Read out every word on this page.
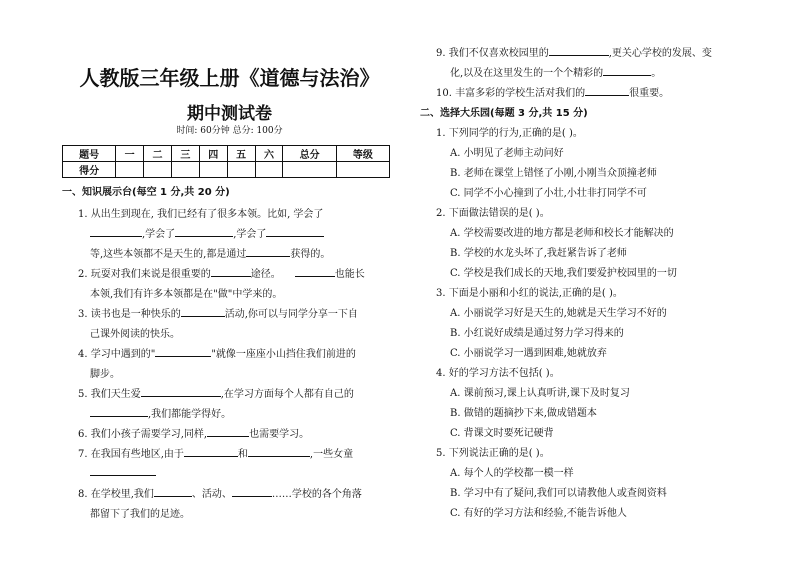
人教版三年级上册《道德与法治》
期中测试卷
时间: 60分钟 总分: 100分
题号	一	二	三	四	五	六	总分	等级
得分								
一、知识展示台(每空 1 分,共 20 分)
1. 从出生到现在, 我们已经有了很多本领。比如, 学会了
,学会了	,学会了
等,这些本领都不是天生的,都是通过	获得的。
2. 玩耍对我们来说是很重要的	途径。	也能长
本领,我们有许多本领都是在"做"中学来的。
3. 读书也是一种快乐的	活动,你可以与同学分享一下自
己课外阅读的快乐。
4. 学习中遇到的"	"就像一座座小山挡住我们前进的
脚步。
5. 我们天生爱	,在学习方面每个人都有自己的
,我们都能学得好。
6. 我们小孩子需要学习,同样,	也需要学习。
7. 在我国有些地区,由于	和	,一些女童
8. 在学校里,我们	、活动、	……学校的各个角落
都留下了我们的足迹。
9. 我们不仅喜欢校园里的	,更关心学校的发展、变
化,以及在这里发生的一个个精彩的	。
10. 丰富多彩的学校生活对我们的	很重要。
二、选择大乐园(每题 3 分,共 15 分)
1. 下列同学的行为,正确的是( )。
A. 小明见了老师主动问好
B. 老师在课堂上错怪了小刚,小刚当众顶撞老师
C. 同学不小心撞到了小壮,小壮非打同学不可
2. 下面做法错误的是( )。
A. 学校需要改进的地方都是老师和校长才能解决的
B. 学校的水龙头坏了,我赶紧告诉了老师
C. 学校是我们成长的天地,我们要爱护校园里的一切
3. 下面是小丽和小红的说法,正确的是( )。
A. 小丽说学习好是天生的,她就是天生学习不好的
B. 小红说好成绩是通过努力学习得来的
C. 小丽说学习一遇到困难,她就放弃
4. 好的学习方法不包括( )。
A. 课前预习,课上认真听讲,课下及时复习
B. 做错的题摘抄下来,做成错题本
C. 背课文时要死记硬背
5. 下列说法正确的是( )。
A. 每个人的学校都一模一样
B. 学习中有了疑问,我们可以请教他人或查阅资料
C. 有好的学习方法和经验,不能告诉他人
